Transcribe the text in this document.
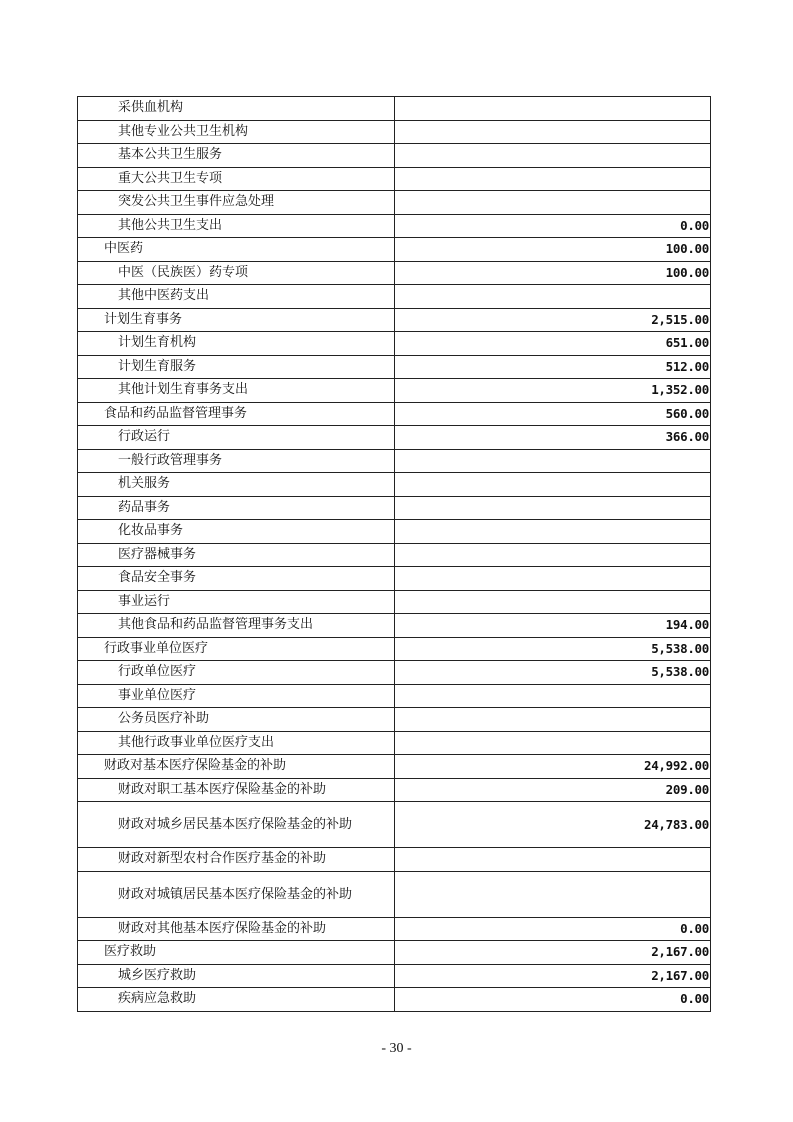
采供血机构	
其他专业公共卫生机构	
基本公共卫生服务	
重大公共卫生专项	
突发公共卫生事件应急处理	
其他公共卫生支出	0.00
中医药	100.00
中医（民族医）药专项	100.00
其他中医药支出	
计划生育事务	2,515.00
计划生育机构	651.00
计划生育服务	512.00
其他计划生育事务支出	1,352.00
食品和药品监督管理事务	560.00
行政运行	366.00
一般行政管理事务	
机关服务	
药品事务	
化妆品事务	
医疗器械事务	
食品安全事务	
事业运行	
其他食品和药品监督管理事务支出	194.00
行政事业单位医疗	5,538.00
行政单位医疗	5,538.00
事业单位医疗	
公务员医疗补助	
其他行政事业单位医疗支出	
财政对基本医疗保险基金的补助	24,992.00
财政对职工基本医疗保险基金的补助	209.00
财政对城乡居民基本医疗保险基金的补助	24,783.00
财政对新型农村合作医疗基金的补助	
财政对城镇居民基本医疗保险基金的补助	
财政对其他基本医疗保险基金的补助	0.00
医疗救助	2,167.00
城乡医疗救助	2,167.00
疾病应急救助	0.00
- 30 -
